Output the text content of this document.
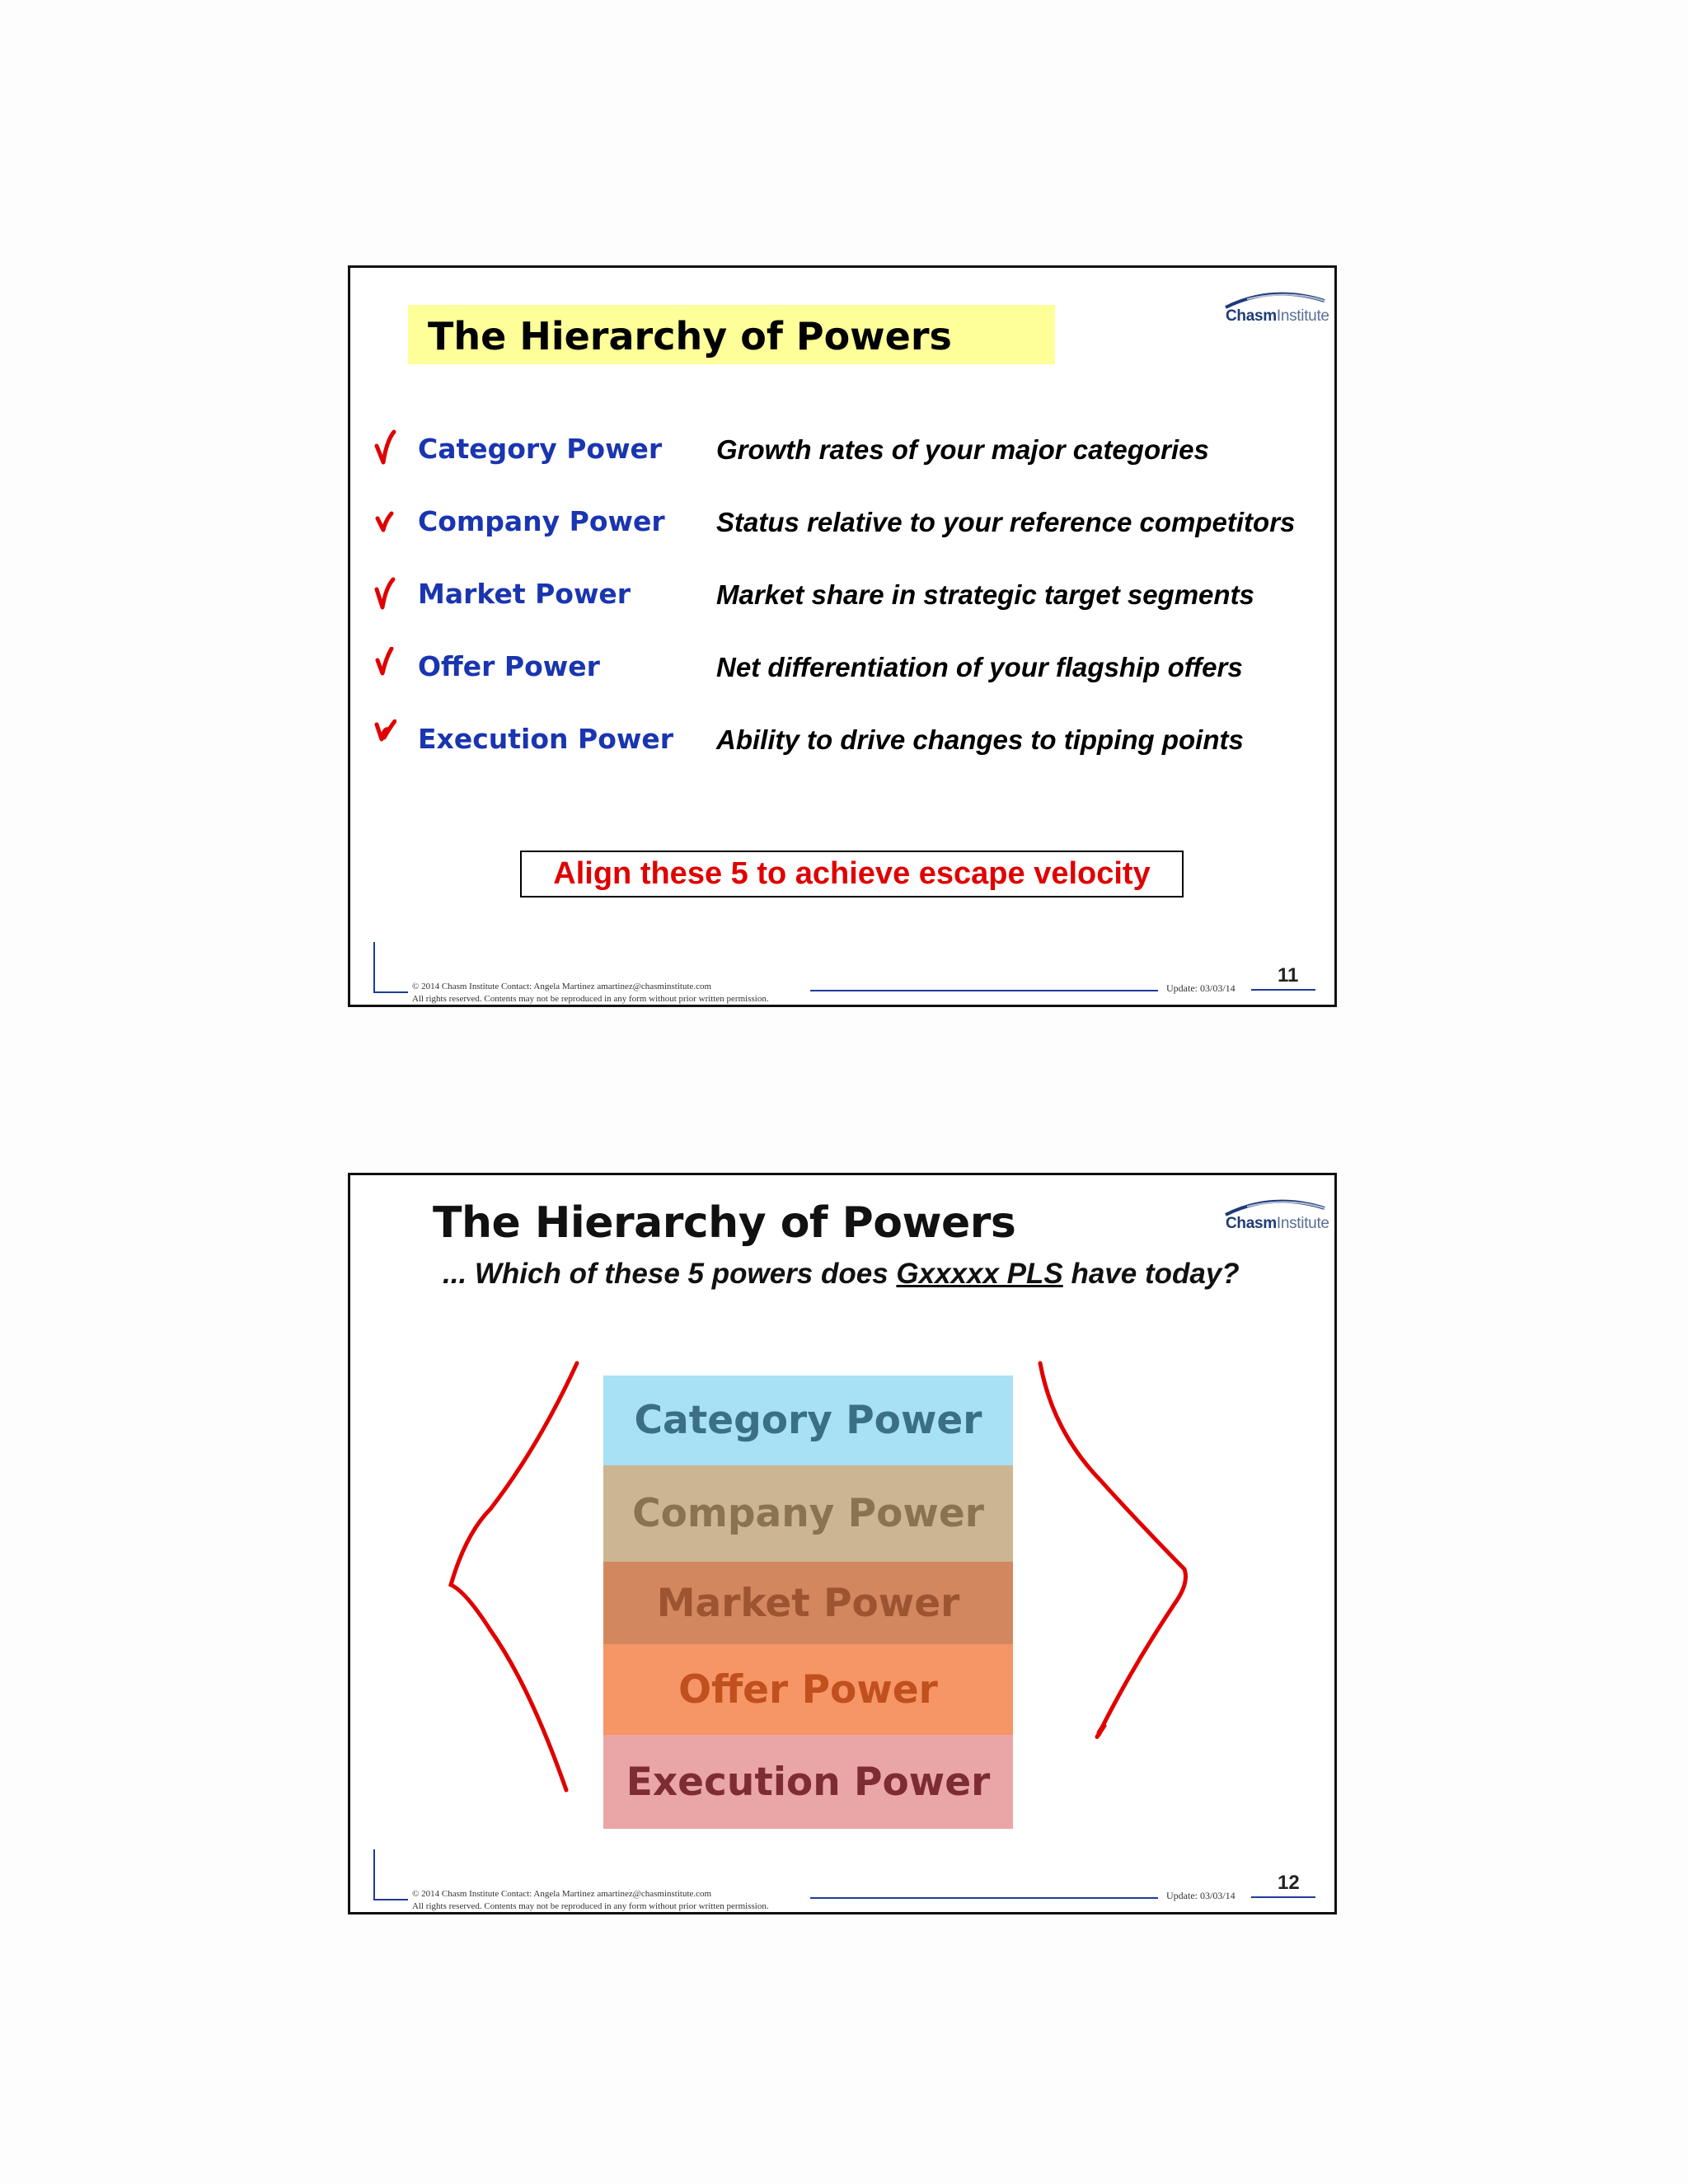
ChasmInstitute
The Hierarchy of Powers
Category Power Growth rates of your major categories
Company Power Status relative to your reference competitors
Market Power	Market share in strategic target segments
Offer Power	Net differentiation of your flagship offers
Execution Power Ability to drive changes to tipping points
Align these 5 to achieve escape velocity
© 2014 Chasm Institute Contact: Angela Martinez amartinez@chasminstitute.com
All rights reserved. Contents may not be reproduced in any form without prior written permission.
Update: 03/03/14
11
ChasmInstitute
The Hierarchy of Powers
... Which of these 5 powers does Gxxxxx PLS have today?
Category Power
Company Power
Market Power
Offer Power
Execution Power
© 2014 Chasm Institute Contact: Angela Martinez amartinez@chasminstitute.com
All rights reserved. Contents may not be reproduced in any form without prior written permission.
Update: 03/03/14
12
